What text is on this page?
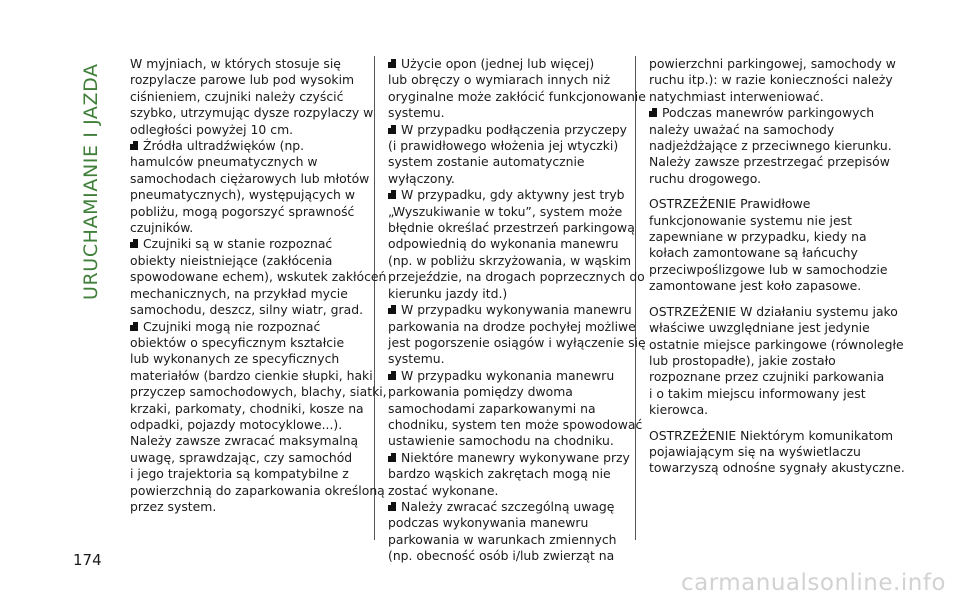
URUCHAMIANIE I JAZDA W myjniach, w których stosuje się
rozpylacze parowe lub pod wysokim
ciśnieniem, czujniki należy czyścić
szybko, utrzymując dysze rozpylaczy w
odległości powyżej 10 cm.

Źródła ultradźwięków (np.
hamulców pneumatycznych w
samochodach ciężarowych lub młotów
pneumatycznych), występujących w
pobliżu, mogą pogorszyć sprawność
czujników.

Czujniki są w stanie rozpoznać
obiekty nieistniejące (zakłócenia
spowodowane echem), wskutek zakłóceń
mechanicznych, na przykład mycie
samochodu, deszcz, silny wiatr, grad.

Czujniki mogą nie rozpoznać
obiektów o specyficznym kształcie
lub wykonanych ze specyficznych
materiałów (bardzo cienkie słupki, haki
przyczep samochodowych, blachy, siatki,
krzaki, parkomaty, chodniki, kosze na
odpadki, pojazdy motocyklowe...).
Należy zawsze zwracać maksymalną
uwagę, sprawdzając, czy samochód
i jego trajektoria są kompatybilne z
powierzchnią do zaparkowania określoną
przez system.

Użycie opon (jednej lub więcej)
lub obręczy o wymiarach innych niż
oryginalne może zakłócić funkcjonowanie
systemu.

W przypadku podłączenia przyczepy
(i prawidłowego włożenia jej wtyczki)
system zostanie automatycznie
wyłączony.

W przypadku, gdy aktywny jest tryb
„Wyszukiwanie w toku”, system może
błędnie określać przestrzeń parkingową
odpowiednią do wykonania manewru
(np. w pobliżu skrzyżowania, w wąskim
przejeździe, na drogach poprzecznych do
kierunku jazdy itd.)

W przypadku wykonywania manewru
parkowania na drodze pochyłej możliwe
jest pogorszenie osiągów i wyłączenie się
systemu.

W przypadku wykonania manewru
parkowania pomiędzy dwoma
samochodami zaparkowanymi na
chodniku, system ten może spowodować
ustawienie samochodu na chodniku.

Niektóre manewry wykonywane przy
bardzo wąskich zakrętach mogą nie
zostać wykonane.

Należy zwracać szczególną uwagę
podczas wykonywania manewru
parkowania w warunkach zmiennych
(np. obecność osób i/lub zwierząt na

powierzchni parkingowej, samochody w
ruchu itp.): w razie konieczności należy
natychmiast interweniować.

Podczas manewrów parkingowych
należy uważać na samochody
nadjeżdżające z przeciwnego kierunku.
Należy zawsze przestrzegać przepisów
ruchu drogowego.

OSTRZEŻENIE Prawidłowe
funkcjonowanie systemu nie jest
zapewniane w przypadku, kiedy na
kołach zamontowane są łańcuchy
przeciwpoślizgowe lub w samochodzie
zamontowane jest koło zapasowe.

OSTRZEŻENIE W działaniu systemu jako
właściwe uwzględniane jest jedynie
ostatnie miejsce parkingowe (równoległe
lub prostopadłe), jakie zostało
rozpoznane przez czujniki parkowania
i o takim miejscu informowany jest
kierowca.

OSTRZEŻENIE Niektórym komunikatom
pojawiającym się na wyświetlaczu
towarzyszą odnośne sygnały akustyczne.

174
carmanualsonline.info
